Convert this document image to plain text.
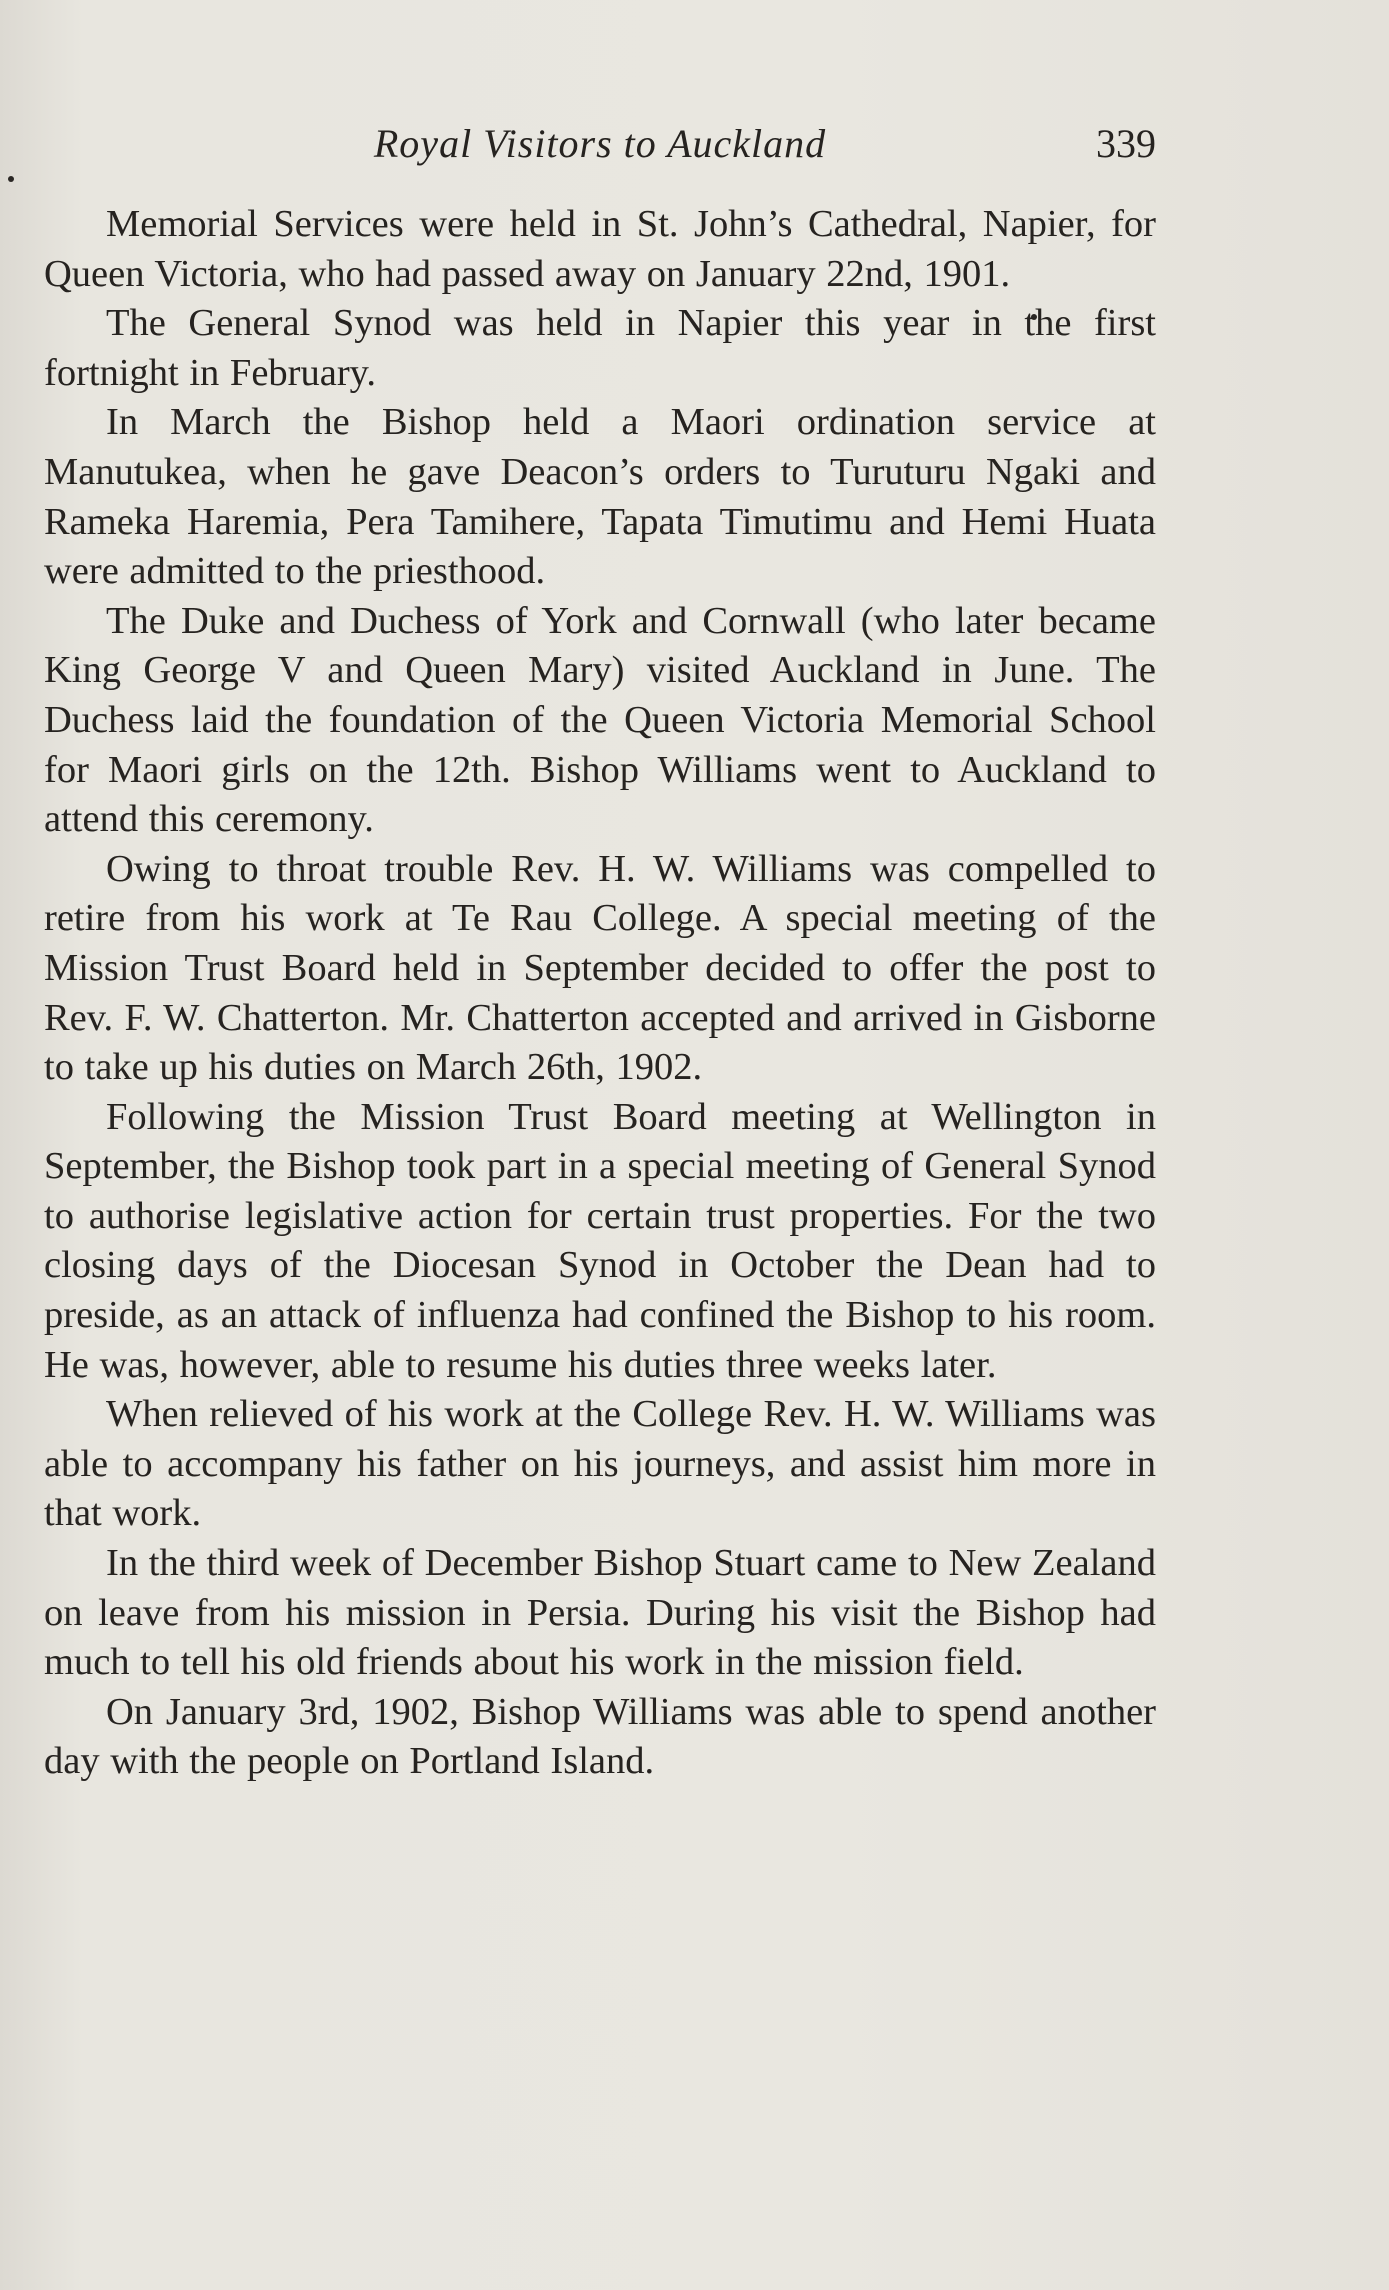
Royal Visitors to Auckland	339

Memorial Services were held in St. John’s Cathedral, Napier, for Queen Victoria, who had passed away on January 22nd, 1901.

The General Synod was held in Napier this year in the first fortnight in February.

In March the Bishop held a Maori ordination service at Manutukea, when he gave Deacon’s orders to Turuturu Ngaki and Rameka Haremia, Pera Tamihere, Tapata Timutimu and Hemi Huata were admitted to the priesthood.

The Duke and Duchess of York and Cornwall (who later became King George V and Queen Mary) visited Auckland in June. The Duchess laid the foundation of the Queen Victoria Memorial School for Maori girls on the 12th. Bishop Williams went to Auckland to attend this ceremony.

Owing to throat trouble Rev. H. W. Williams was compelled to retire from his work at Te Rau College. A special meeting of the Mission Trust Board held in September decided to offer the post to Rev. F. W. Chatterton. Mr. Chatterton accepted and arrived in Gisborne to take up his duties on March 26th, 1902.

Following the Mission Trust Board meeting at Wellington in September, the Bishop took part in a special meeting of General Synod to authorise legislative action for certain trust properties. For the two closing days of the Diocesan Synod in October the Dean had to preside, as an attack of influenza had confined the Bishop to his room. He was, however, able to resume his duties three weeks later.

When relieved of his work at the College Rev. H. W. Williams was able to accompany his father on his journeys, and assist him more in that work.

In the third week of December Bishop Stuart came to New Zealand on leave from his mission in Persia. During his visit the Bishop had much to tell his old friends about his work in the mission field.

On January 3rd, 1902, Bishop Williams was able to spend another day with the people on Portland Island.
